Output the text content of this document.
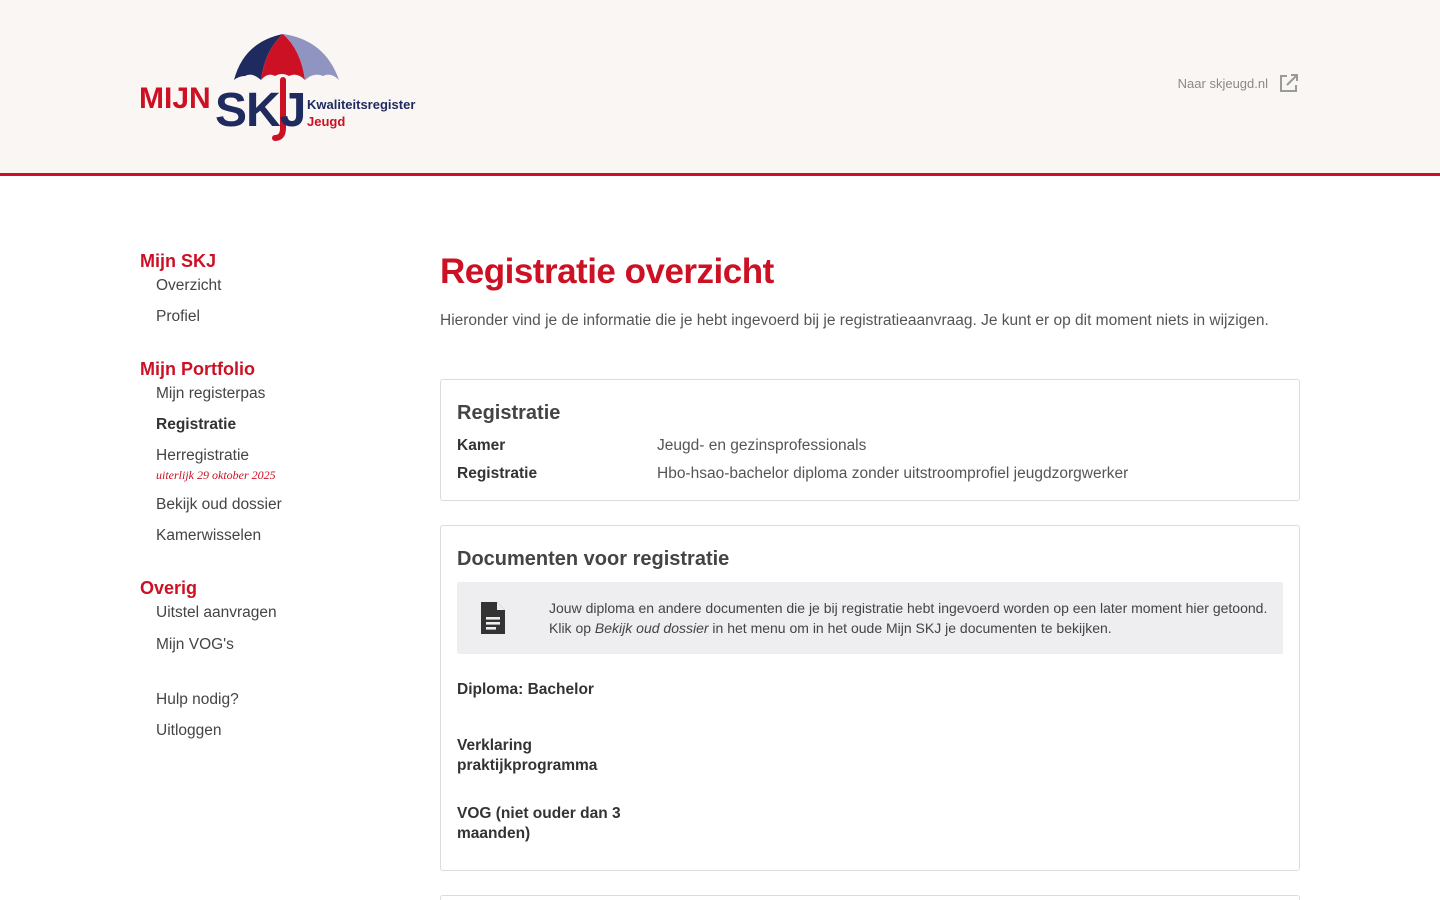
MIJN SKJ Kwaliteitsregister
Jeugd
Naar skjeugd.nl
Mijn SKJ
Overzicht
Profiel
Mijn Portfolio
Mijn registerpas
Registratie
Herregistratie
uiterlijk 29 oktober 2025
Bekijk oud dossier
Kamerwisselen
Overig
Uitstel aanvragen
Mijn VOG's
Hulp nodig?
Uitloggen
Registratie overzicht

Hieronder vind je de informatie die je hebt ingevoerd bij je registratieaanvraag. Je kunt er op dit moment niets in wijzigen.

Registratie
Kamer	Jeugd- en gezinsprofessionals
Registratie	Hbo-hsao-bachelor diploma zonder uitstroomprofiel jeugdzorgwerker
Documenten voor registratie
Jouw diploma en andere documenten die je bij registratie hebt ingevoerd worden op een later moment hier getoond.
Klik op Bekijk oud dossier in het menu om in het oude Mijn SKJ je documenten te bekijken.
Diploma: Bachelor
Verklaring praktijkprogramma
VOG (niet ouder dan 3 maanden)
